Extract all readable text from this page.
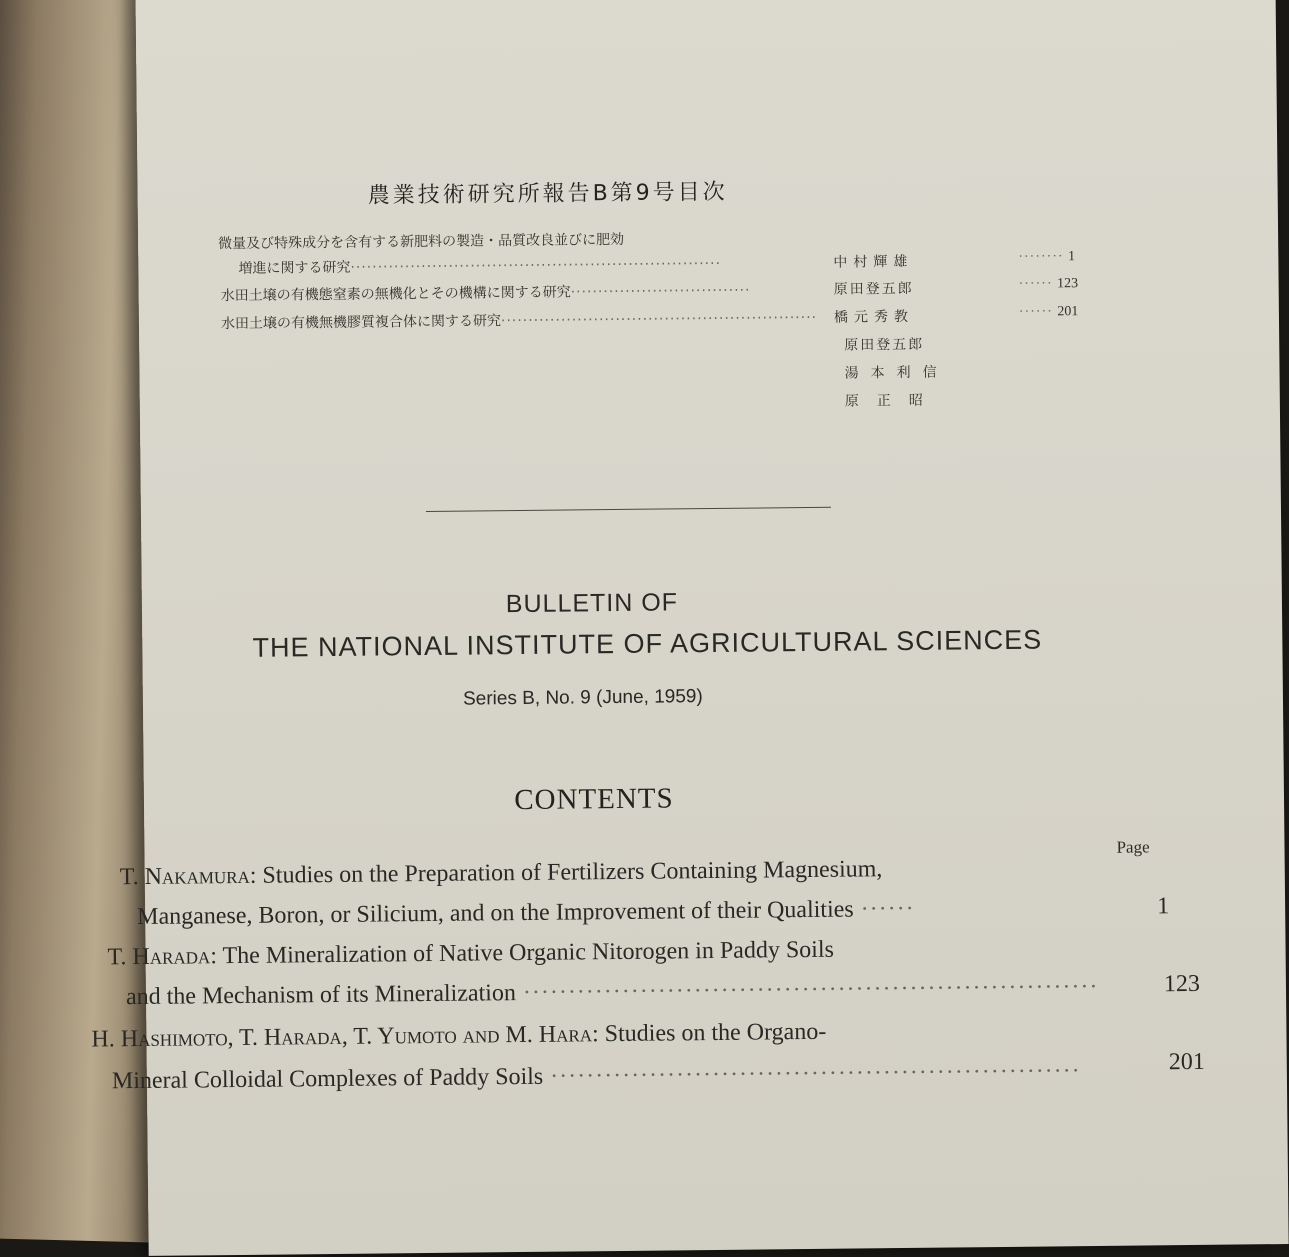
農業技術研究所報告B第9号目次
微量及び特殊成分を含有する新肥料の製造・品質改良並びに肥効
増進に関する研究····································································	中村輝雄	········ 1
水田土壌の有機態窒素の無機化とその機構に関する研究·································	原田登五郎	······ 123
水田土壌の有機無機膠質複合体に関する研究·························································· 橋元秀教	······ 201
原田登五郎
湯本利信
原正昭
BULLETIN OF
THE NATIONAL INSTITUTE OF AGRICULTURAL SCIENCES
Series B, No. 9 (June, 1959)
CONTENTS
Page
T. Nakamura: Studies on the Preparation of Fertilizers Containing Magnesium,
Manganese, Boron, or Silicium, and on the Improvement of their Qualities ······	1
T. Harada: The Mineralization of Native Organic Nitorogen in Paddy Soils
and the Mechanism of its Mineralization ································································	123
H. Hashimoto, T. Harada, T. Yumoto and M. Hara: Studies on the Organo-
Mineral Colloidal Complexes of Paddy Soils ···························································	201
